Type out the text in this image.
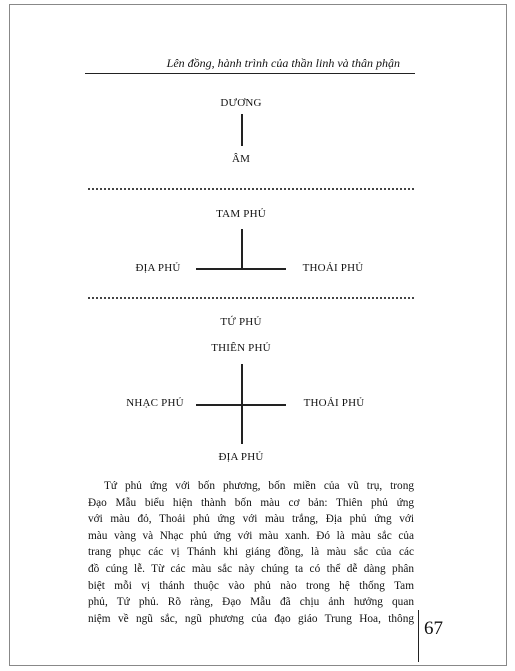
Lên đồng, hành trình của thần linh và thân phận
DƯƠNG
ÂM
TAM PHỦ
ĐỊA PHỦ	THOẢI PHỦ
TỨ PHỦ
THIÊN PHỦ
NHẠC PHỦ	THOẢI PHỦ
ĐỊA PHỦ
Tứ phủ ứng với bốn phương, bốn miền của vũ trụ, trong
Đạo Mẫu biểu hiện thành bốn màu cơ bản: Thiên phủ ứng
với màu đỏ, Thoải phủ ứng với màu trắng, Địa phủ ứng với
màu vàng và Nhạc phủ ứng với màu xanh. Đó là màu sắc của
trang phục các vị Thánh khi giáng đồng, là màu sắc của các
đồ cúng lễ. Từ các màu sắc này chúng ta có thể dễ dàng phân
biệt mỗi vị thánh thuộc vào phủ nào trong hệ thống Tam
phủ, Tứ phủ. Rõ ràng, Đạo Mẫu đã chịu ảnh hưởng quan
niệm về ngũ sắc, ngũ phương của đạo giáo Trung Hoa, thông 67
